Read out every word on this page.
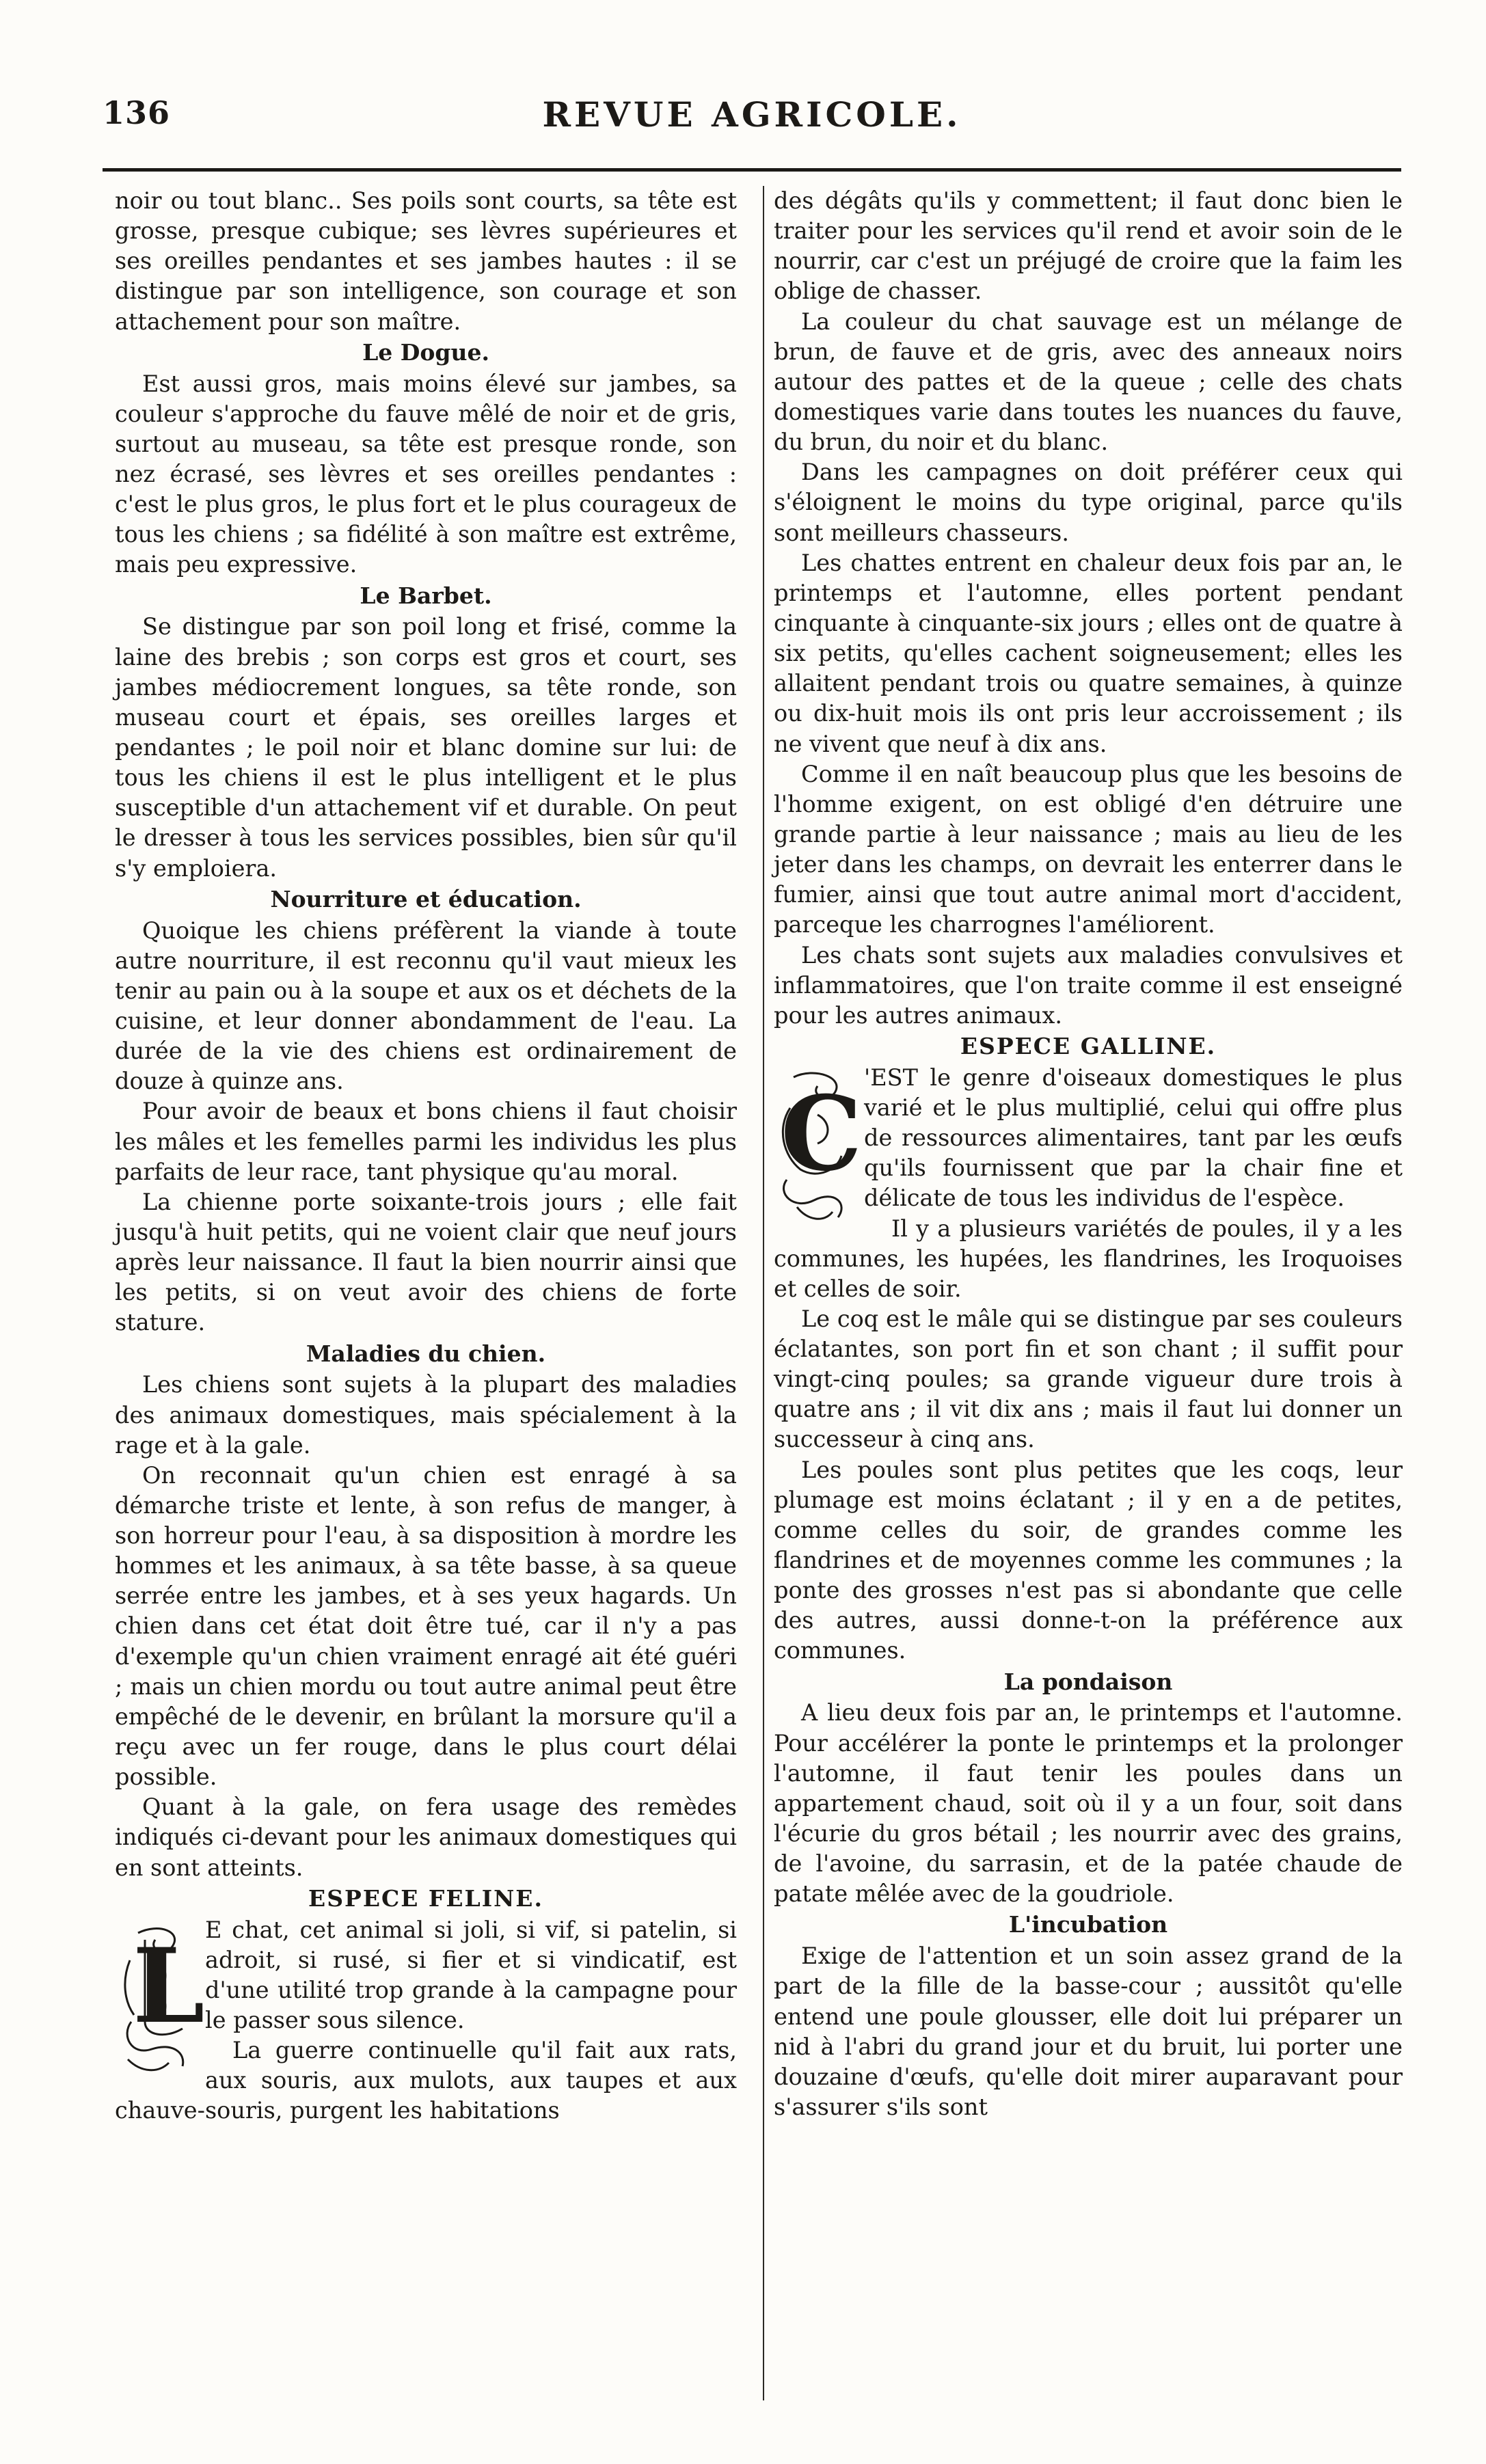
136	REVUE AGRICOLE.

noir ou tout blanc.. Ses poils sont courts, sa tête est grosse, presque cubique; ses lèvres supérieures et ses oreilles pendantes et ses jambes hautes : il se distingue par son intelligence, son courage et son attachement pour son maître.

Le Dogue.

Est aussi gros, mais moins élevé sur jambes, sa couleur s'approche du fauve mêlé de noir et de gris, surtout au museau, sa tête est presque ronde, son nez écrasé, ses lèvres et ses oreilles pendantes : c'est le plus gros, le plus fort et le plus courageux de tous les chiens ; sa fidélité à son maître est extrême, mais peu expressive.

Le Barbet.

Se distingue par son poil long et frisé, comme la laine des brebis ; son corps est gros et court, ses jambes médiocrement longues, sa tête ronde, son museau court et épais, ses oreilles larges et pendantes ; le poil noir et blanc domine sur lui: de tous les chiens il est le plus intelligent et le plus susceptible d'un attachement vif et durable. On peut le dresser à tous les services possibles, bien sûr qu'il s'y emploiera.

Nourriture et éducation.

Quoique les chiens préfèrent la viande à toute autre nourriture, il est reconnu qu'il vaut mieux les tenir au pain ou à la soupe et aux os et déchets de la cuisine, et leur donner abondamment de l'eau. La durée de la vie des chiens est ordinairement de douze à quinze ans.

Pour avoir de beaux et bons chiens il faut choisir les mâles et les femelles parmi les individus les plus parfaits de leur race, tant physique qu'au moral.

La chienne porte soixante-trois jours ; elle fait jusqu'à huit petits, qui ne voient clair que neuf jours après leur naissance. Il faut la bien nourrir ainsi que les petits, si on veut avoir des chiens de forte stature.

Maladies du chien.

Les chiens sont sujets à la plupart des maladies des animaux domestiques, mais spécialement à la rage et à la gale.

On reconnait qu'un chien est enragé à sa démarche triste et lente, à son refus de manger, à son horreur pour l'eau, à sa disposition à mordre les hommes et les animaux, à sa tête basse, à sa queue serrée entre les jambes, et à ses yeux hagards. Un chien dans cet état doit être tué, car il n'y a pas d'exemple qu'un chien vraiment enragé ait été guéri ; mais un chien mordu ou tout autre animal peut être empêché de le devenir, en brûlant la morsure qu'il a reçu avec un fer rouge, dans le plus court délai possible.

Quant à la gale, on fera usage des remèdes indiqués ci-devant pour les animaux domestiques qui en sont atteints.

ESPECE FELINE.
L E chat, cet animal si joli, si vif, si patelin, si adroit, si rusé, si fier et si vindicatif, est d'une utilité trop grande à la campagne pour le passer sous silence.

La guerre continuelle qu'il fait aux rats, aux souris, aux mulots, aux taupes et aux chauve-souris, purgent les habitations

des dégâts qu'ils y commettent; il faut donc bien le traiter pour les services qu'il rend et avoir soin de le nourrir, car c'est un préjugé de croire que la faim les oblige de chasser.

La couleur du chat sauvage est un mélange de brun, de fauve et de gris, avec des anneaux noirs autour des pattes et de la queue ; celle des chats domestiques varie dans toutes les nuances du fauve, du brun, du noir et du blanc.

Dans les campagnes on doit préférer ceux qui s'éloignent le moins du type original, parce qu'ils sont meilleurs chasseurs.

Les chattes entrent en chaleur deux fois par an, le printemps et l'automne, elles portent pendant cinquante à cinquante-six jours ; elles ont de quatre à six petits, qu'elles cachent soigneusement; elles les allaitent pendant trois ou quatre semaines, à quinze ou dix-huit mois ils ont pris leur accroissement ; ils ne vivent que neuf à dix ans.

Comme il en naît beaucoup plus que les besoins de l'homme exigent, on est obligé d'en détruire une grande partie à leur naissance ; mais au lieu de les jeter dans les champs, on devrait les enterrer dans le fumier, ainsi que tout autre animal mort d'accident, parceque les charrognes l'améliorent.

Les chats sont sujets aux maladies convulsives et inflammatoires, que l'on traite comme il est enseigné pour les autres animaux.

ESPECE GALLINE.
C 'EST le genre d'oiseaux domestiques le plus varié et le plus multiplié, celui qui offre plus de ressources alimentaires, tant par les œufs qu'ils fournissent que par la chair fine et délicate de tous les individus de l'espèce.

Il y a plusieurs variétés de poules, il y a les communes, les hupées, les flandrines, les Iroquoises et celles de soir.

Le coq est le mâle qui se distingue par ses couleurs éclatantes, son port fin et son chant ; il suffit pour vingt-cinq poules; sa grande vigueur dure trois à quatre ans ; il vit dix ans ; mais il faut lui donner un successeur à cinq ans.

Les poules sont plus petites que les coqs, leur plumage est moins éclatant ; il y en a de petites, comme celles du soir, de grandes comme les flandrines et de moyennes comme les communes ; la ponte des grosses n'est pas si abondante que celle des autres, aussi donne-t-on la préférence aux communes.

La pondaison

A lieu deux fois par an, le printemps et l'automne. Pour accélérer la ponte le printemps et la prolonger l'automne, il faut tenir les poules dans un appartement chaud, soit où il y a un four, soit dans l'écurie du gros bétail ; les nourrir avec des grains, de l'avoine, du sarrasin, et de la patée chaude de patate mêlée avec de la goudriole.

L'incubation

Exige de l'attention et un soin assez grand de la part de la fille de la basse-cour ; aussitôt qu'elle entend une poule glousser, elle doit lui préparer un nid à l'abri du grand jour et du bruit, lui porter une douzaine d'œufs, qu'elle doit mirer auparavant pour s'assurer s'ils sont
